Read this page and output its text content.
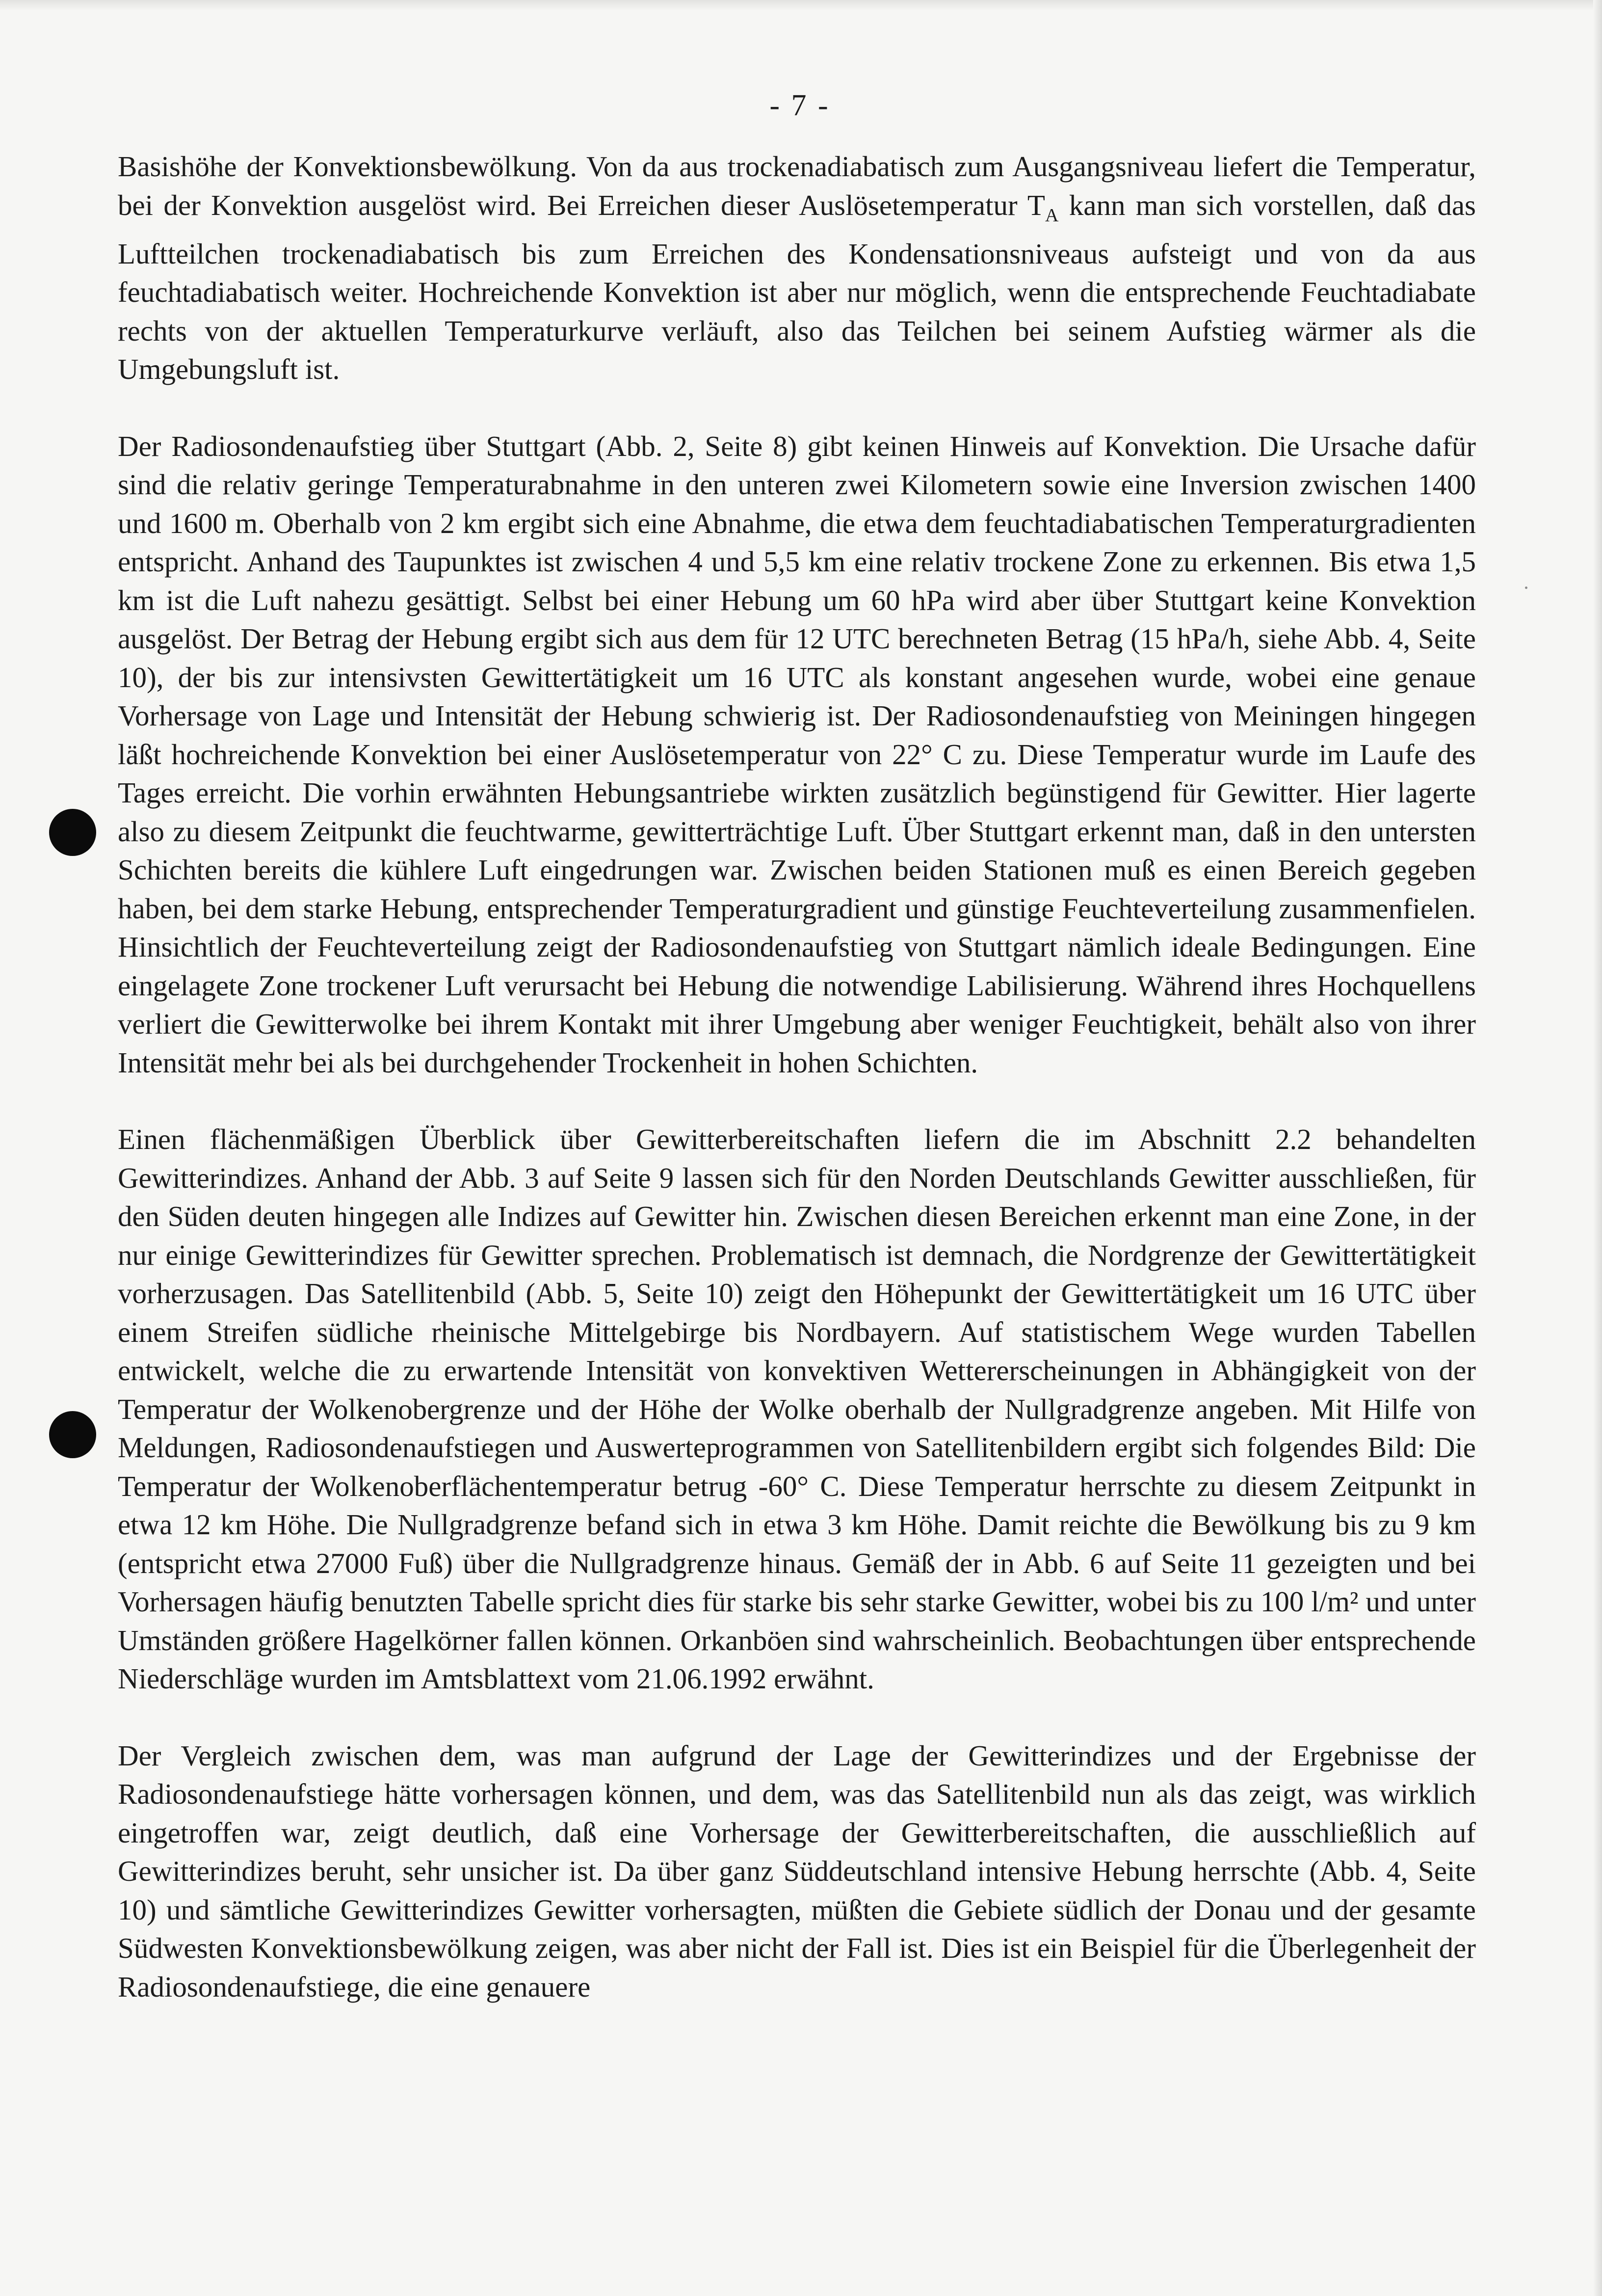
- 7 -

Basishöhe der Konvektionsbewölkung. Von da aus trockenadiabatisch zum Ausgangsniveau liefert die Temperatur, bei der Konvektion ausgelöst wird. Bei Erreichen dieser Auslösetemperatur $T_A$ kann man sich vorstellen, daß das Luftteilchen trockenadiabatisch bis zum Erreichen des Kondensationsniveaus aufsteigt und von da aus feuchtadiabatisch weiter. Hochreichende Konvektion ist aber nur möglich, wenn die entsprechende Feuchtadiabate rechts von der aktuellen Temperaturkurve verläuft, also das Teilchen bei seinem Aufstieg wärmer als die Umgebungsluft ist.

Der Radiosondenaufstieg über Stuttgart (Abb. 2, Seite 8) gibt keinen Hinweis auf Konvektion. Die Ursache dafür sind die relativ geringe Temperaturabnahme in den unteren zwei Kilometern sowie eine Inversion zwischen 1400 und 1600 m. Oberhalb von 2 km ergibt sich eine Abnahme, die etwa dem feuchtadiabatischen Temperaturgradienten entspricht. Anhand des Taupunktes ist zwischen 4 und 5,5 km eine relativ trockene Zone zu erkennen. Bis etwa 1,5 km ist die Luft nahezu gesättigt. Selbst bei einer Hebung um 60 hPa wird aber über Stuttgart keine Konvektion ausgelöst. Der Betrag der Hebung ergibt sich aus dem für 12 UTC berechneten Betrag (15 hPa/h, siehe Abb. 4, Seite 10), der bis zur intensivsten Gewittertätigkeit um 16 UTC als konstant angesehen wurde, wobei eine genaue Vorhersage von Lage und Intensität der Hebung schwierig ist. Der Radiosondenaufstieg von Meiningen hingegen läßt hochreichende Konvektion bei einer Auslösetemperatur von 22° C zu. Diese Temperatur wurde im Laufe des Tages erreicht. Die vorhin erwähnten Hebungsantriebe wirkten zusätzlich begünstigend für Gewitter. Hier lagerte also zu diesem Zeitpunkt die feuchtwarme, gewitterträchtige Luft. Über Stuttgart erkennt man, daß in den untersten Schichten bereits die kühlere Luft eingedrungen war. Zwischen beiden Stationen muß es einen Bereich gegeben haben, bei dem starke Hebung, entsprechender Temperaturgradient und günstige Feuchteverteilung zusammenfielen. Hinsichtlich der Feuchteverteilung zeigt der Radiosondenaufstieg von Stuttgart nämlich ideale Bedingungen. Eine eingelagete Zone trockener Luft verursacht bei Hebung die notwendige Labilisierung. Während ihres Hochquellens verliert die Gewitterwolke bei ihrem Kontakt mit ihrer Umgebung aber weniger Feuchtigkeit, behält also von ihrer Intensität mehr bei als bei durchgehender Trockenheit in hohen Schichten.

Einen flächenmäßigen Überblick über Gewitterbereitschaften liefern die im Abschnitt 2.2 behandelten Gewitterindizes. Anhand der Abb. 3 auf Seite 9 lassen sich für den Norden Deutschlands Gewitter ausschließen, für den Süden deuten hingegen alle Indizes auf Gewitter hin. Zwischen diesen Bereichen erkennt man eine Zone, in der nur einige Gewitterindizes für Gewitter sprechen. Problematisch ist demnach, die Nordgrenze der Gewittertätigkeit vorherzusagen. Das Satellitenbild (Abb. 5, Seite 10) zeigt den Höhepunkt der Gewittertätigkeit um 16 UTC über einem Streifen südliche rheinische Mittelgebirge bis Nordbayern. Auf statistischem Wege wurden Tabellen entwickelt, welche die zu erwartende Intensität von konvektiven Wettererscheinungen in Abhängigkeit von der Temperatur der Wolkenobergrenze und der Höhe der Wolke oberhalb der Nullgradgrenze angeben. Mit Hilfe von Meldungen, Radiosondenaufstiegen und Auswerteprogrammen von Satellitenbildern ergibt sich folgendes Bild: Die Temperatur der Wolkenoberflächentemperatur betrug -60° C. Diese Temperatur herrschte zu diesem Zeitpunkt in etwa 12 km Höhe. Die Nullgradgrenze befand sich in etwa 3 km Höhe. Damit reichte die Bewölkung bis zu 9 km (entspricht etwa 27000 Fuß) über die Nullgradgrenze hinaus. Gemäß der in Abb. 6 auf Seite 11 gezeigten und bei Vorhersagen häufig benutzten Tabelle spricht dies für starke bis sehr starke Gewitter, wobei bis zu 100 l/m² und unter Umständen größere Hagelkörner fallen können. Orkanböen sind wahrscheinlich. Beobachtungen über entsprechende Niederschläge wurden im Amtsblattext vom 21.06.1992 erwähnt.

Der Vergleich zwischen dem, was man aufgrund der Lage der Gewitterindizes und der Ergebnisse der Radiosondenaufstiege hätte vorhersagen können, und dem, was das Satellitenbild nun als das zeigt, was wirklich eingetroffen war, zeigt deutlich, daß eine Vorhersage der Gewitterbereitschaften, die ausschließlich auf Gewitterindizes beruht, sehr unsicher ist. Da über ganz Süddeutschland intensive Hebung herrschte (Abb. 4, Seite 10) und sämtliche Gewitterindizes Gewitter vorhersagten, müßten die Gebiete südlich der Donau und der gesamte Südwesten Konvektionsbewölkung zeigen, was aber nicht der Fall ist. Dies ist ein Beispiel für die Überlegenheit der Radiosondenaufstiege, die eine genauere
